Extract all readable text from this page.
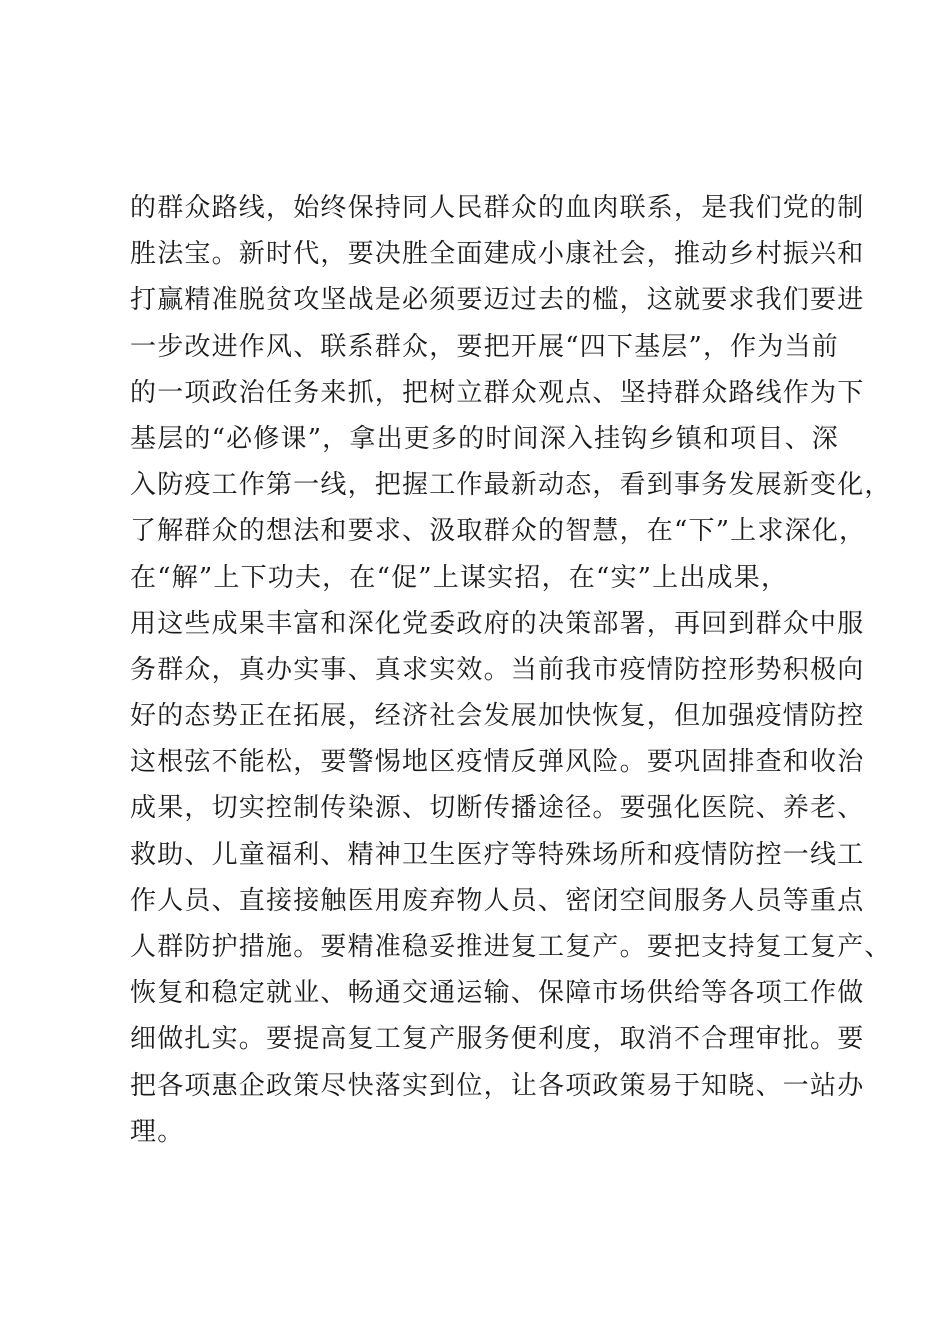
的群众路线，始终保持同人民群众的血肉联系，是我们党的制
胜法宝。新时代，要决胜全面建成小康社会，推动乡村振兴和
打赢精准脱贫攻坚战是必须要迈过去的槛，这就要求我们要进
一步改进作风、联系群众，要把开展“四下基层”，作为当前
的一项政治任务来抓，把树立群众观点、坚持群众路线作为下
基层的“必修课”，拿出更多的时间深入挂钩乡镇和项目、深
入防疫工作第一线，把握工作最新动态，看到事务发展新变化，
了解群众的想法和要求、汲取群众的智慧，在“下”上求深化，
在“解”上下功夫，在“促”上谋实招，在“实”上出成果，
用这些成果丰富和深化党委政府的决策部署，再回到群众中服
务群众，真办实事、真求实效。当前我市疫情防控形势积极向
好的态势正在拓展，经济社会发展加快恢复，但加强疫情防控
这根弦不能松，要警惕地区疫情反弹风险。要巩固排查和收治
成果，切实控制传染源、切断传播途径。要强化医院、养老、
救助、儿童福利、精神卫生医疗等特殊场所和疫情防控一线工
作人员、直接接触医用废弃物人员、密闭空间服务人员等重点
人群防护措施。要精准稳妥推进复工复产。要把支持复工复产、
恢复和稳定就业、畅通交通运输、保障市场供给等各项工作做
细做扎实。要提高复工复产服务便利度，取消不合理审批。要
把各项惠企政策尽快落实到位，让各项政策易于知晓、一站办
理。
